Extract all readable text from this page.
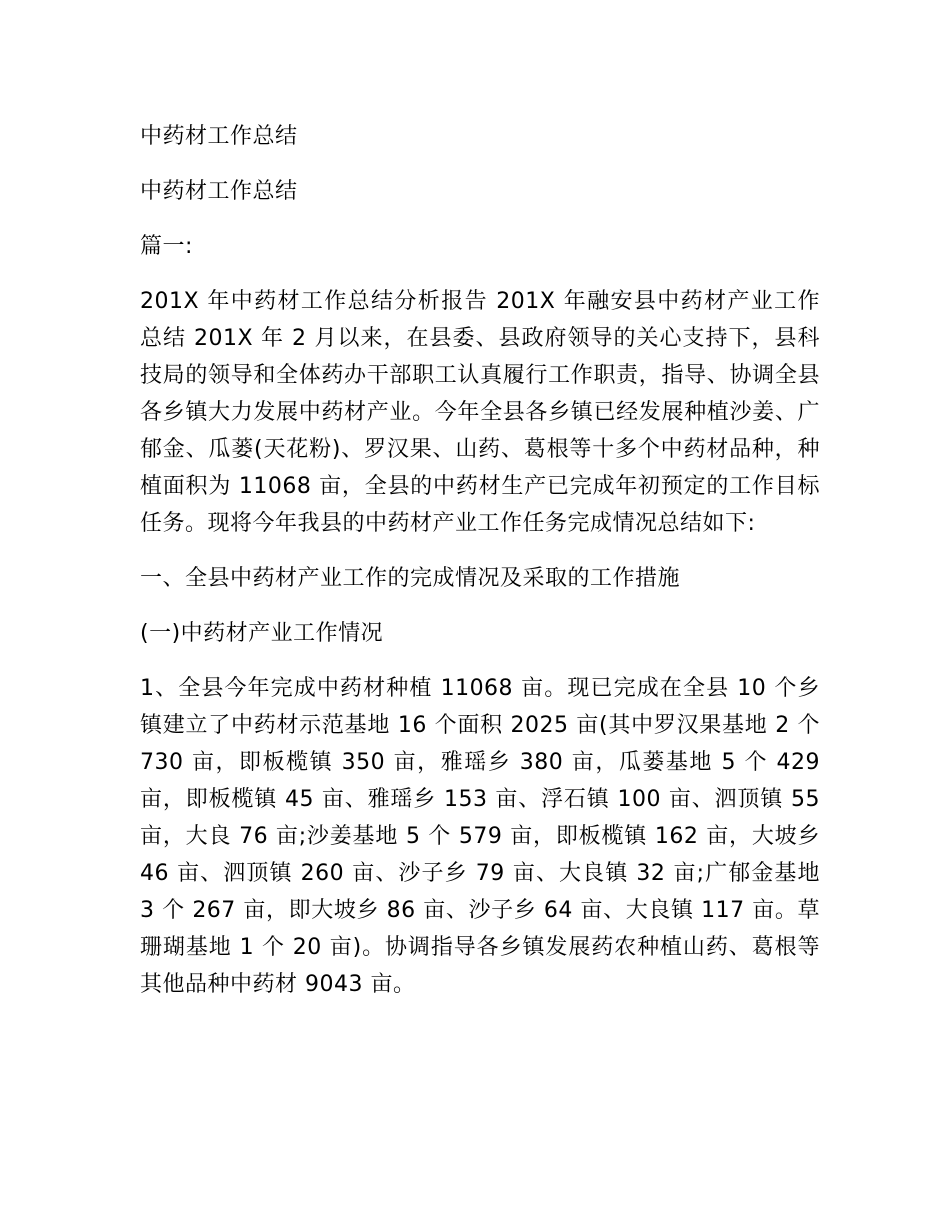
中药材工作总结

中药材工作总结

篇一:

201X 年中药材工作总结分析报告 201X 年融安县中药材产业工作总结 201X 年 2 月以来，在县委、县政府领导的关心支持下，县科技局的领导和全体药办干部职工认真履行工作职责，指导、协调全县各乡镇大力发展中药材产业。今年全县各乡镇已经发展种植沙姜、广郁金、瓜蒌(天花粉)、罗汉果、山药、葛根等十多个中药材品种，种植面积为 11068 亩，全县的中药材生产已完成年初预定的工作目标任务。现将今年我县的中药材产业工作任务完成情况总结如下:

一、全县中药材产业工作的完成情况及采取的工作措施

(一)中药材产业工作情况

1、全县今年完成中药材种植 11068 亩。现已完成在全县 10 个乡镇建立了中药材示范基地 16 个面积 2025 亩(其中罗汉果基地 2 个 730 亩，即板榄镇 350 亩，雅瑶乡 380 亩，瓜蒌基地 5 个 429 亩，即板榄镇 45 亩、雅瑶乡 153 亩、浮石镇 100 亩、泗顶镇 55 亩，大良 76 亩;沙姜基地 5 个 579 亩，即板榄镇 162 亩，大坡乡 46 亩、泗顶镇 260 亩、沙子乡 79 亩、大良镇 32 亩;广郁金基地 3 个 267 亩，即大坡乡 86 亩、沙子乡 64 亩、大良镇 117 亩。草珊瑚基地 1 个 20 亩)。协调指导各乡镇发展药农种植山药、葛根等其他品种中药材 9043 亩。
